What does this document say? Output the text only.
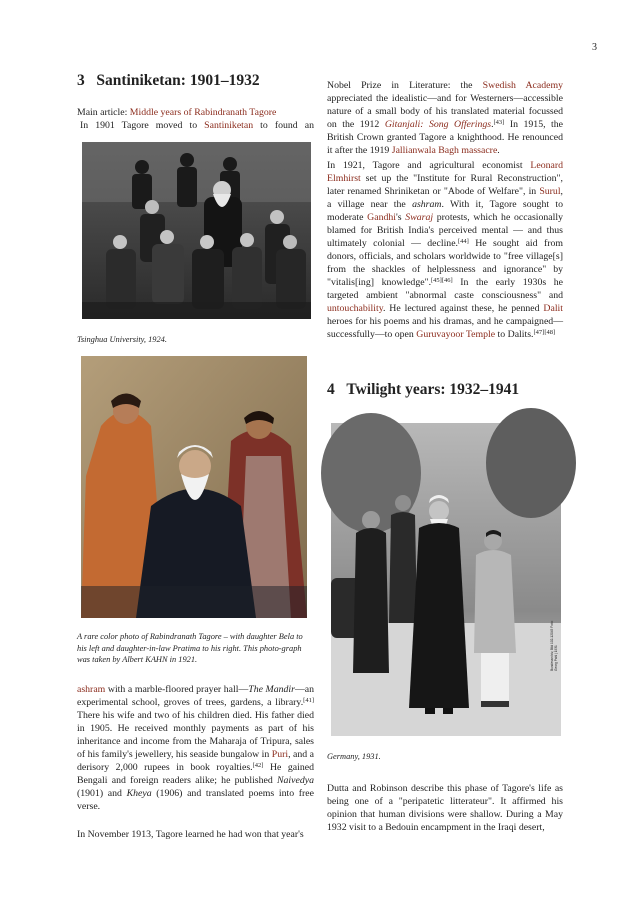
3
3 Santiniketan: 1901–1932

Main article: Middle years of Rabindranath Tagore

In 1901 Tagore moved to Santiniketan to found an

Tsinghua University, 1924.
A rare color photo of Rabindranath Tagore – with daughter Bela to his left and daughter-in-law Pratima to his right. This photo-graph was taken by Albert KAHN in 1921.

ashram with a marble-floored prayer hall—The Mandir—an experimental school, groves of trees, gardens, a library.[41] There his wife and two of his children died. His father died in 1905. He received monthly payments as part of his inheritance and income from the Maharaja of Tripura, sales of his family's jewellery, his seaside bungalow in Puri, and a derisory 2,000 rupees in book royalties.[42] He gained Bengali and foreign readers alike; he published Naivedya (1901) and Kheya (1906) and translated poems into free verse.

In November 1913, Tagore learned he had won that year's

Nobel Prize in Literature: the Swedish Academy appreciated the idealistic—and for Westerners—accessible nature of a small body of his translated material focussed on the 1912 Gitanjali: Song Offerings.[43] In 1915, the British Crown granted Tagore a knighthood. He renounced it after the 1919 Jallianwala Bagh massacre.

In 1921, Tagore and agricultural economist Leonard Elmhirst set up the "Institute for Rural Reconstruction", later renamed Shriniketan or "Abode of Welfare", in Surul, a village near the ashram. With it, Tagore sought to moderate Gandhi's Swaraj protests, which he occasionally blamed for British India's perceived mental — and thus ultimately colonial — decline.[44] He sought aid from donors, officials, and scholars worldwide to "free village[s] from the shackles of helplessness and ignorance" by "vitalis[ing] knowledge".[45][46] In the early 1930s he targeted ambient "abnormal caste consciousness" and untouchability. He lectured against these, he penned Dalit heroes for his poems and his dramas, and he campaigned—successfully—to open Guruvayoor Temple to Dalits.[47][48]

4 Twilight years: 1932–1941
Bundesarchiv, Bild 102-12045 Foto: Georg Pahl | 1931
Germany, 1931.

Dutta and Robinson describe this phase of Tagore's life as being one of a "peripatetic litterateur". It affirmed his opinion that human divisions were shallow. During a May 1932 visit to a Bedouin encampment in the Iraqi desert,
